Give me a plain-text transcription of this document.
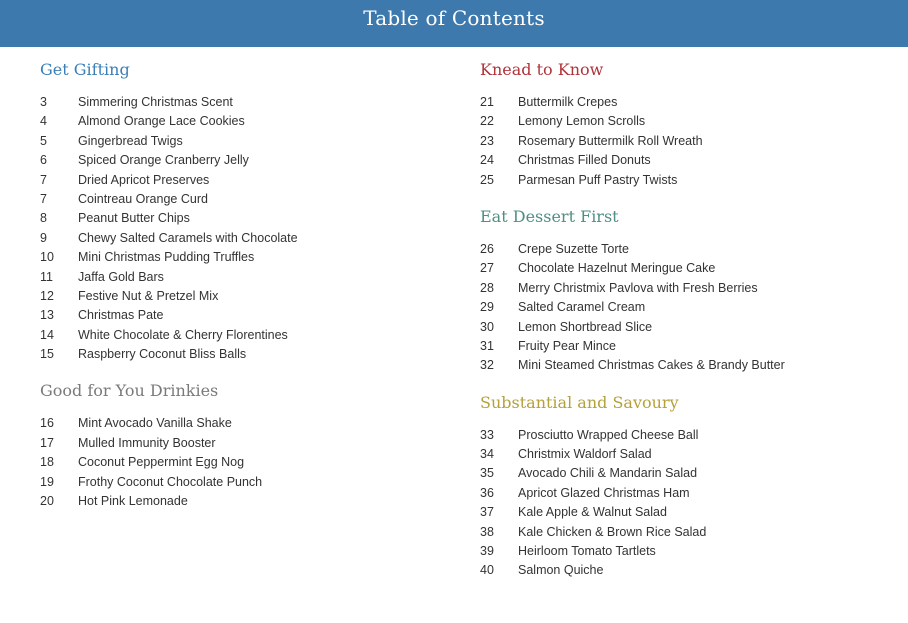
Table of Contents
Get Gifting
3	Simmering Christmas Scent
4	Almond Orange Lace Cookies
5	Gingerbread Twigs
6	Spiced Orange Cranberry Jelly
7	Dried Apricot Preserves
7	Cointreau Orange Curd
8	Peanut Butter Chips
9	Chewy Salted Caramels with Chocolate
10	Mini Christmas Pudding Truffles
11	Jaffa Gold Bars
12	Festive Nut & Pretzel Mix
13	Christmas Pate
14	White Chocolate & Cherry Florentines
15	Raspberry Coconut Bliss Balls
Good for You Drinkies
16	Mint Avocado Vanilla Shake
17	Mulled Immunity Booster
18	Coconut Peppermint Egg Nog
19	Frothy Coconut Chocolate Punch
20	Hot Pink Lemonade
Knead to Know
21	Buttermilk Crepes
22	Lemony Lemon Scrolls
23	Rosemary Buttermilk Roll Wreath
24	Christmas Filled Donuts
25	Parmesan Puff Pastry Twists
Eat Dessert First
26	Crepe Suzette Torte
27	Chocolate Hazelnut Meringue Cake
28	Merry Christmix Pavlova with Fresh Berries
29	Salted Caramel Cream
30	Lemon Shortbread Slice
31	Fruity Pear Mince
32	Mini Steamed Christmas Cakes & Brandy Butter
Substantial and Savoury
33	Prosciutto Wrapped Cheese Ball
34	Christmix Waldorf Salad
35	Avocado Chili & Mandarin Salad
36	Apricot Glazed Christmas Ham
37	Kale Apple & Walnut Salad
38	Kale Chicken & Brown Rice Salad
39	Heirloom Tomato Tartlets
40	Salmon Quiche
